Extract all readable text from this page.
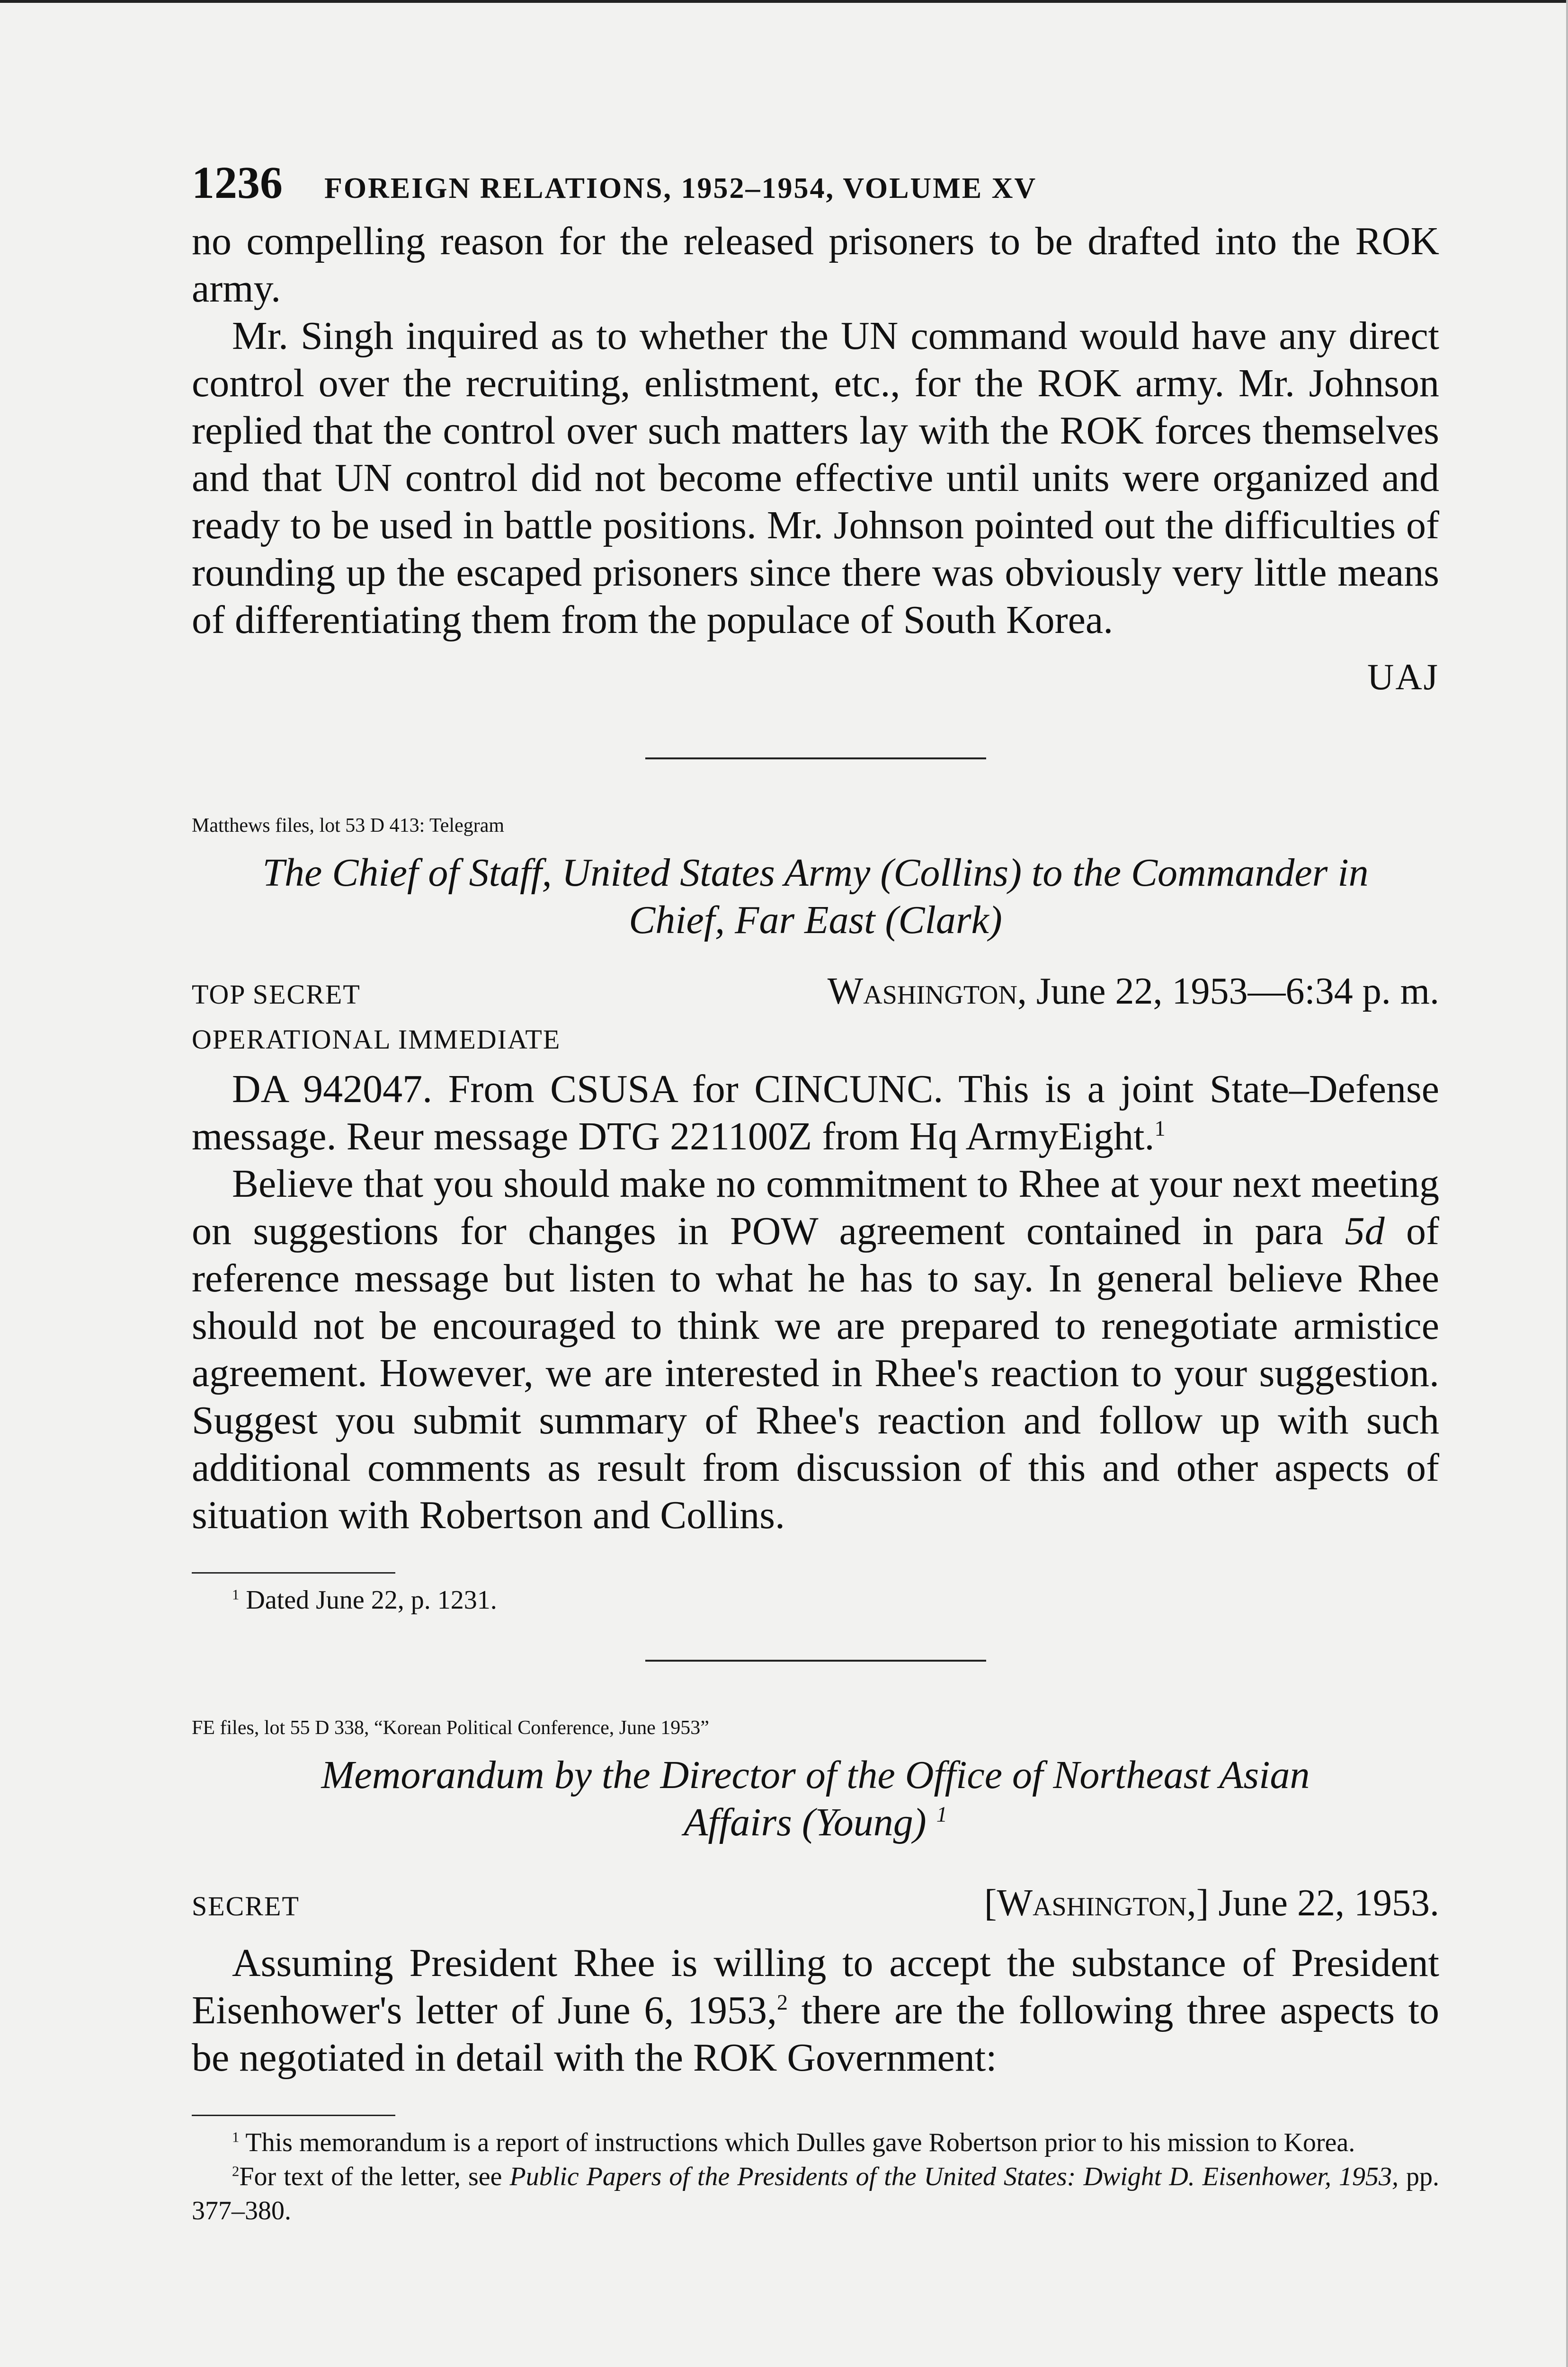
1236	FOREIGN RELATIONS, 1952–1954, VOLUME XV

no compelling reason for the released prisoners to be drafted into the ROK army.

Mr. Singh inquired as to whether the UN command would have any direct control over the recruiting, enlistment, etc., for the ROK army. Mr. Johnson replied that the control over such matters lay with the ROK forces themselves and that UN control did not become effective until units were organized and ready to be used in battle positions. Mr. Johnson pointed out the difficulties of rounding up the escaped prisoners since there was obviously very little means of differentiating them from the populace of South Korea.

UAJ
Matthews files, lot 53 D 413: Telegram
The Chief of Staff, United States Army (Collins) to the Commander in
Chief, Far East (Clark)
TOP SECRET	Washington, June 22, 1953—6:34 p. m.
OPERATIONAL IMMEDIATE

DA 942047. From CSUSA for CINCUNC. This is a joint State–Defense message. Reur message DTG 221100Z from Hq ArmyEight.$^1$

Believe that you should make no commitment to Rhee at your next meeting on suggestions for changes in POW agreement contained in para 5d of reference message but listen to what he has to say. In general believe Rhee should not be encouraged to think we are prepared to renegotiate armistice agreement. However, we are interested in Rhee's reaction to your suggestion. Suggest you submit summary of Rhee's reaction and follow up with such additional comments as result from discussion of this and other aspects of situation with Robertson and Collins.

$^1$ Dated June 22, p. 1231.
FE files, lot 55 D 338, “Korean Political Conference, June 1953”
Memorandum by the Director of the Office of Northeast Asian
Affairs (Young) $^1$
SECRET	[Washington,] June 22, 1953.

Assuming President Rhee is willing to accept the substance of President Eisenhower's letter of June 6, 1953,$^2$ there are the following three aspects to be negotiated in detail with the ROK Government:

$^1$ This memorandum is a report of instructions which Dulles gave Robertson prior to his mission to Korea.
$^2$For text of the letter, see Public Papers of the Presidents of the United States: Dwight D. Eisenhower, 1953, pp. 377–380.
